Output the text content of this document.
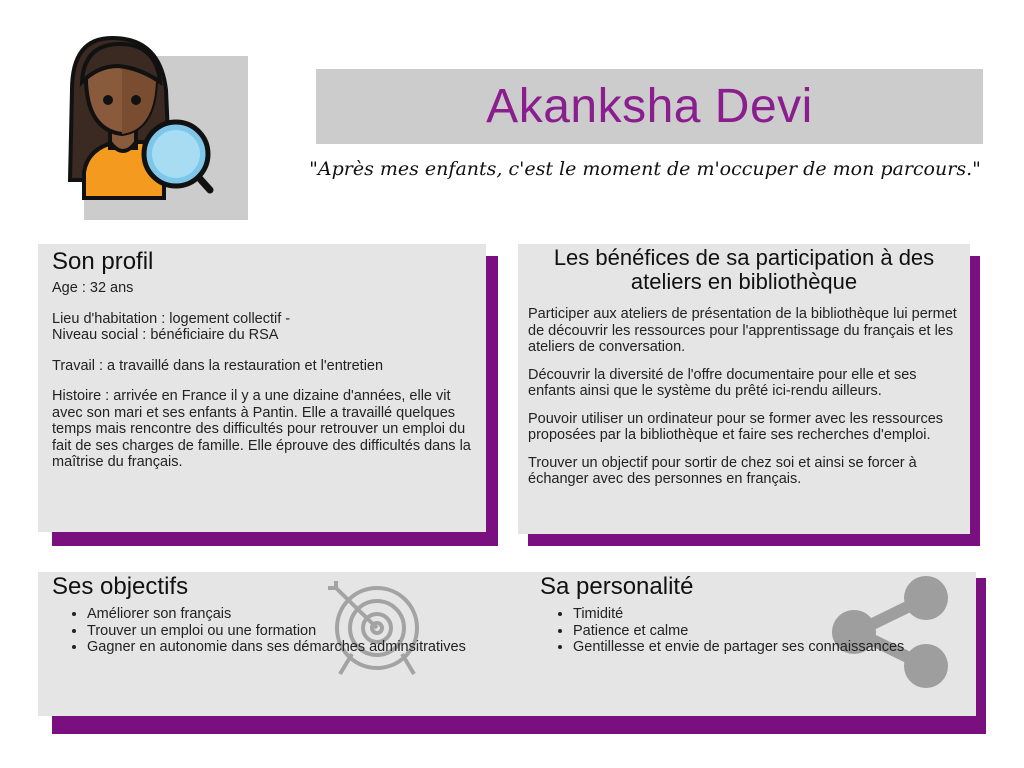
Akanksha Devi

"Après mes enfants, c'est le moment de m'occuper de mon parcours."

Son profil

Age : 32 ans

Lieu d'habitation : logement collectif -
Niveau social : bénéficiaire du RSA

Travail : a travaillé dans la restauration et l'entretien

Histoire : arrivée en France il y a une dizaine d'années, elle vit avec son mari et ses enfants à Pantin. Elle a travaillé quelques temps mais rencontre des difficultés pour retrouver un emploi du fait de ses charges de famille. Elle éprouve des difficultés dans la maîtrise du français.

Les bénéfices de sa participation à des ateliers en bibliothèque

Participer aux ateliers de présentation de la bibliothèque lui permet de découvrir les ressources pour l'apprentissage du français et les ateliers de conversation.

Découvrir la diversité de l'offre documentaire pour elle et ses enfants ainsi que le système du prêté ici-rendu ailleurs.

Pouvoir utiliser un ordinateur pour se former avec les ressources proposées par la bibliothèque et faire ses recherches d'emploi.

Trouver un objectif pour sortir de chez soi et ainsi se forcer à échanger avec des personnes en français.

Ses objectifs
• Améliorer son français
• Trouver un emploi ou une formation
• Gagner en autonomie dans ses démarches adminsitratives
Sa personalité
• Timidité
• Patience et calme
• Gentillesse et envie de partager ses connaissances
